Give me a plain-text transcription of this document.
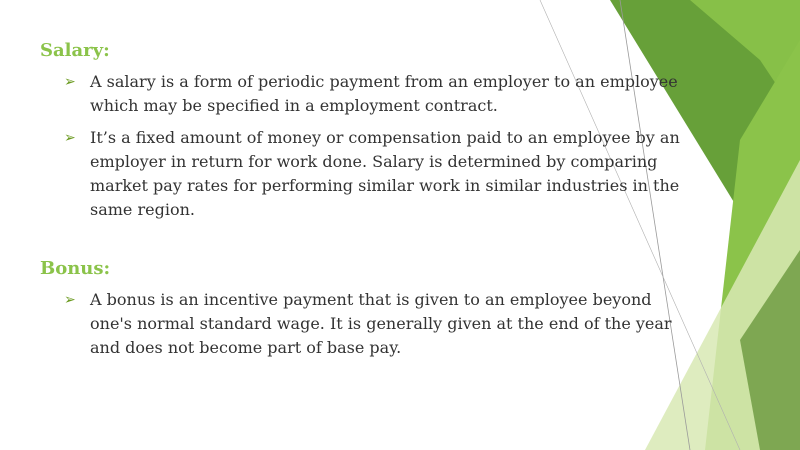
Salary:
➢ A salary is a form of periodic payment from an employer to an employee which may be specified in a employment contract.
➢ It’s a fixed amount of money or compensation paid to an employee by an employer in return for work done. Salary is determined by comparing market pay rates for performing similar work in similar industries in the same region.
Bonus:
➢ A bonus is an incentive payment that is given to an employee beyond one's normal standard wage. It is generally given at the end of the year and does not become part of base pay.
